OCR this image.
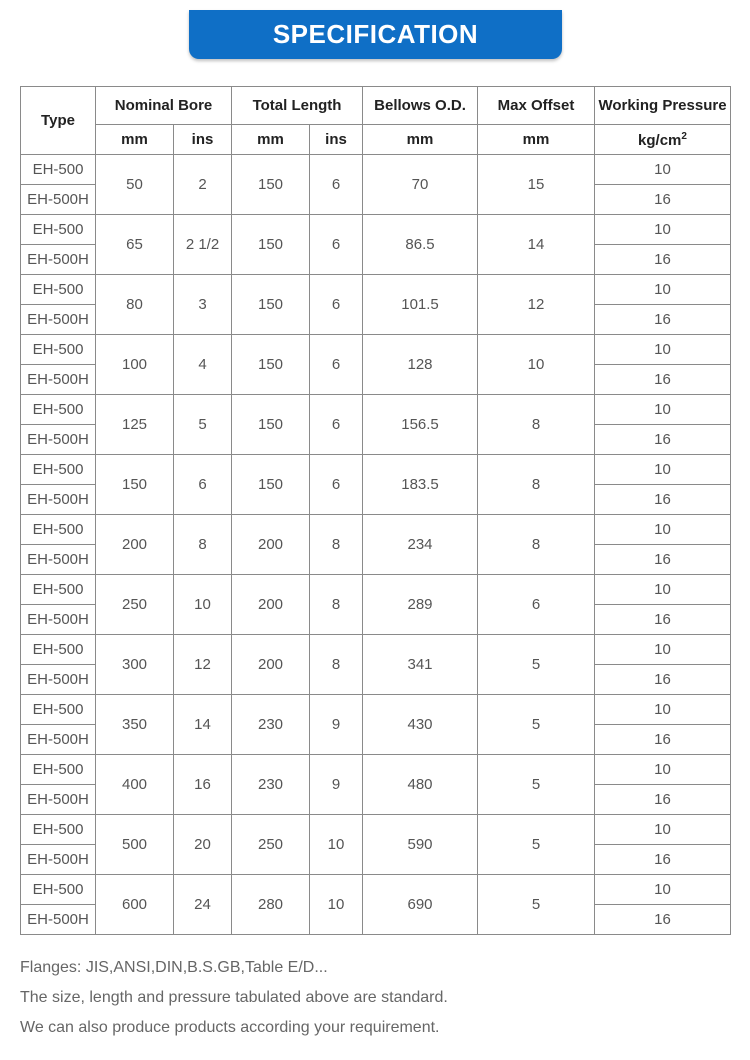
SPECIFICATION
Type	Nominal Bore		Total Length		Bellows O.D.	Max Offset	Working Pressure
	mm	ins	mm	ins	mm	mm	$kg/cm^2$
EH-500	50	2	150	6	70	15	10
EH-500H							16
EH-500	65	2 1/2	150	6	86.5	14	10
EH-500H							16
EH-500	80	3	150	6	101.5	12	10
EH-500H							16
EH-500	100	4	150	6	128	10	10
EH-500H							16
EH-500	125	5	150	6	156.5	8	10
EH-500H							16
EH-500	150	6	150	6	183.5	8	10
EH-500H							16
EH-500	200	8	200	8	234	8	10
EH-500H							16
EH-500	250	10	200	8	289	6	10
EH-500H							16
EH-500	300	12	200	8	341	5	10
EH-500H							16
EH-500	350	14	230	9	430	5	10
EH-500H							16
EH-500	400	16	230	9	480	5	10
EH-500H							16
EH-500	500	20	250	10	590	5	10
EH-500H							16
EH-500	600	24	280	10	690	5	10
EH-500H							16

Flanges: JIS,ANSI,DIN,B.S.GB,Table E/D...

The size, length and pressure tabulated above are standard.

We can also produce products according your requirement.
